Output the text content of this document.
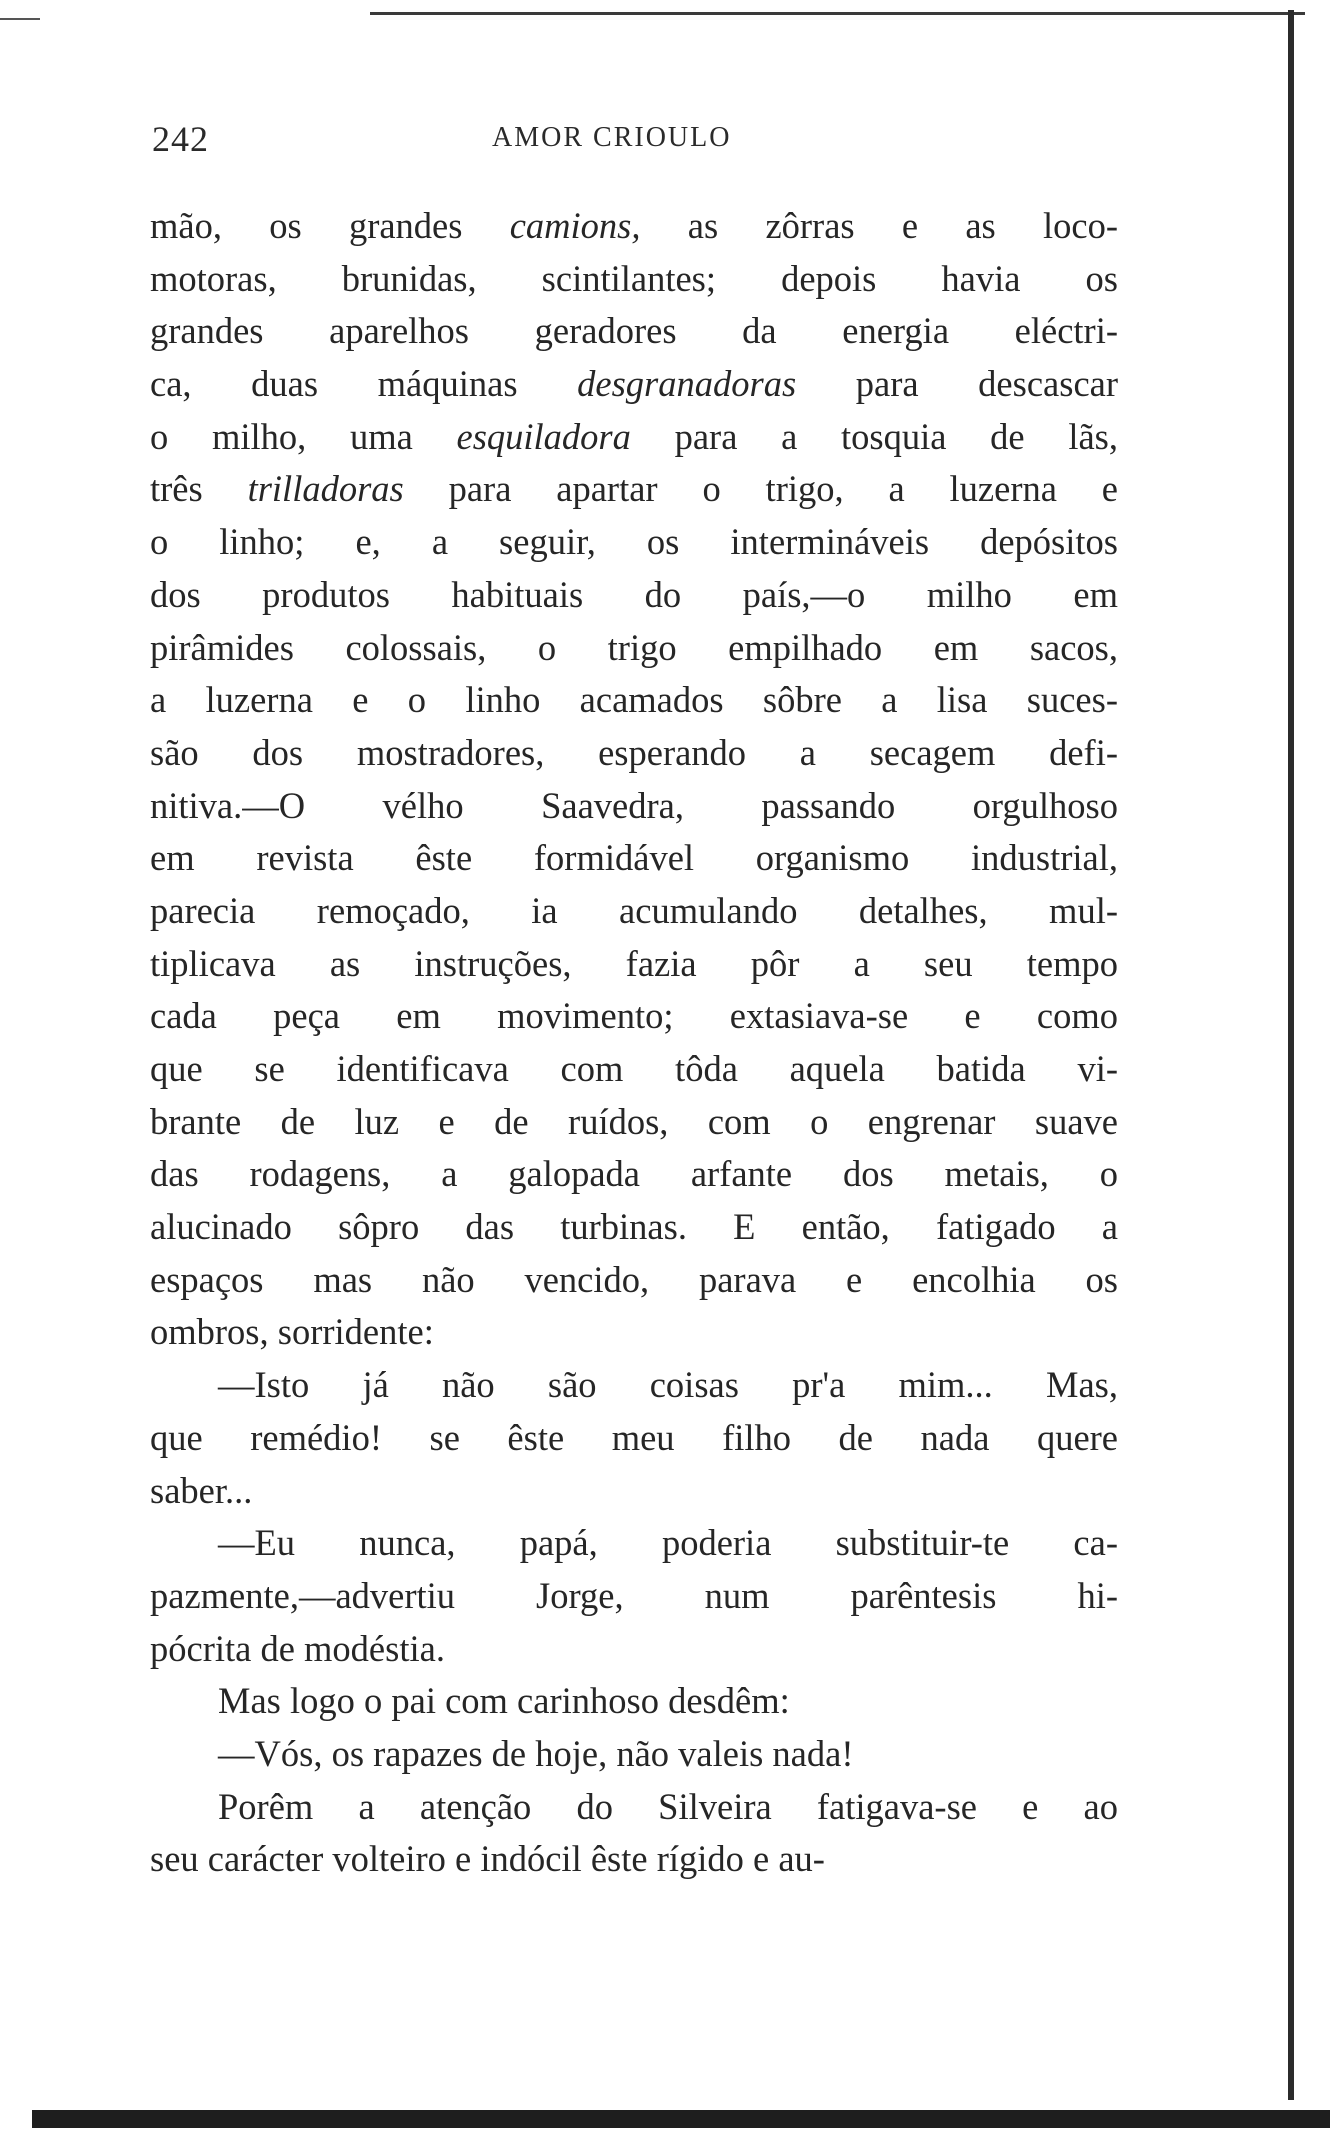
242	AMOR CRIOULO
mão, os grandes camions, as zôrras e as loco-
motoras, brunidas, scintilantes; depois havia os
grandes aparelhos geradores da energia eléctri-
ca, duas máquinas desgranadoras para descascar
o milho, uma esquiladora para a tosquia de lãs,
três trilladoras para apartar o trigo, a luzerna e
o linho; e, a seguir, os intermináveis depósitos
dos produtos habituais do país,—o milho em
pirâmides colossais, o trigo empilhado em sacos,
a luzerna e o linho acamados sôbre a lisa suces-
são dos mostradores, esperando a secagem defi-
nitiva.—O vélho Saavedra, passando orgulhoso
em revista êste formidável organismo industrial,
parecia remoçado, ia acumulando detalhes, mul-
tiplicava as instruções, fazia pôr a seu tempo
cada peça em movimento; extasiava-se e como
que se identificava com tôda aquela batida vi-
brante de luz e de ruídos, com o engrenar suave
das rodagens, a galopada arfante dos metais, o
alucinado sôpro das turbinas. E então, fatigado a
espaços mas não vencido, parava e encolhia os
ombros, sorridente:
—Isto já não são coisas pr'a mim... Mas,
que remédio! se êste meu filho de nada quere
saber...
—Eu nunca, papá, poderia substituir-te ca-
pazmente,—advertiu Jorge, num parêntesis hi-
pócrita de modéstia.
Mas logo o pai com carinhoso desdêm:
—Vós, os rapazes de hoje, não valeis nada!
Porêm a atenção do Silveira fatigava-se e ao
seu carácter volteiro e indócil êste rígido e au-
